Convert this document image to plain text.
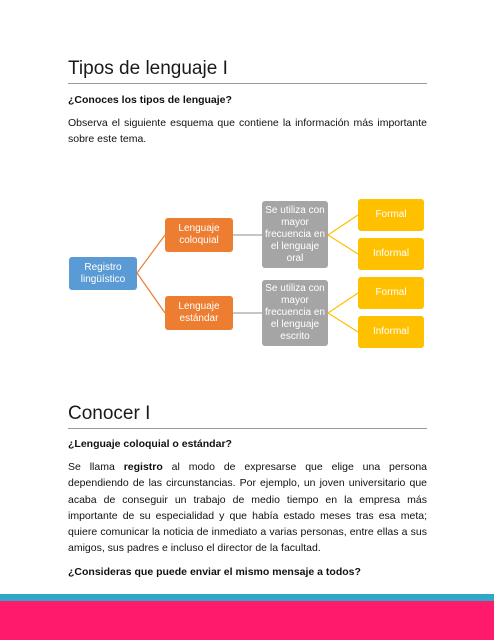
Tipos de lenguaje I
¿Conoces los tipos de lenguaje?

Observa el siguiente esquema que contiene la información más importante sobre este tema.

Registro lingüístico
Lenguaje coloquial
Lenguaje estándar
Se utiliza con mayor frecuencia en el lenguaje oral
Se utiliza con mayor frecuencia en el lenguaje escrito
Formal
Informal
Formal
Informal
Conocer I
¿Lenguaje coloquial o estándar?

Se llama registro al modo de expresarse que elige una persona dependiendo de las circunstancias. Por ejemplo, un joven universitario que acaba de conseguir un trabajo de medio tiempo en la empresa más importante de su especialidad y que había estado meses tras esa meta; quiere comunicar la noticia de inmediato a varias personas, entre ellas a sus amigos, sus padres e incluso el director de la facultad.

¿Consideras que puede enviar el mismo mensaje a todos?
